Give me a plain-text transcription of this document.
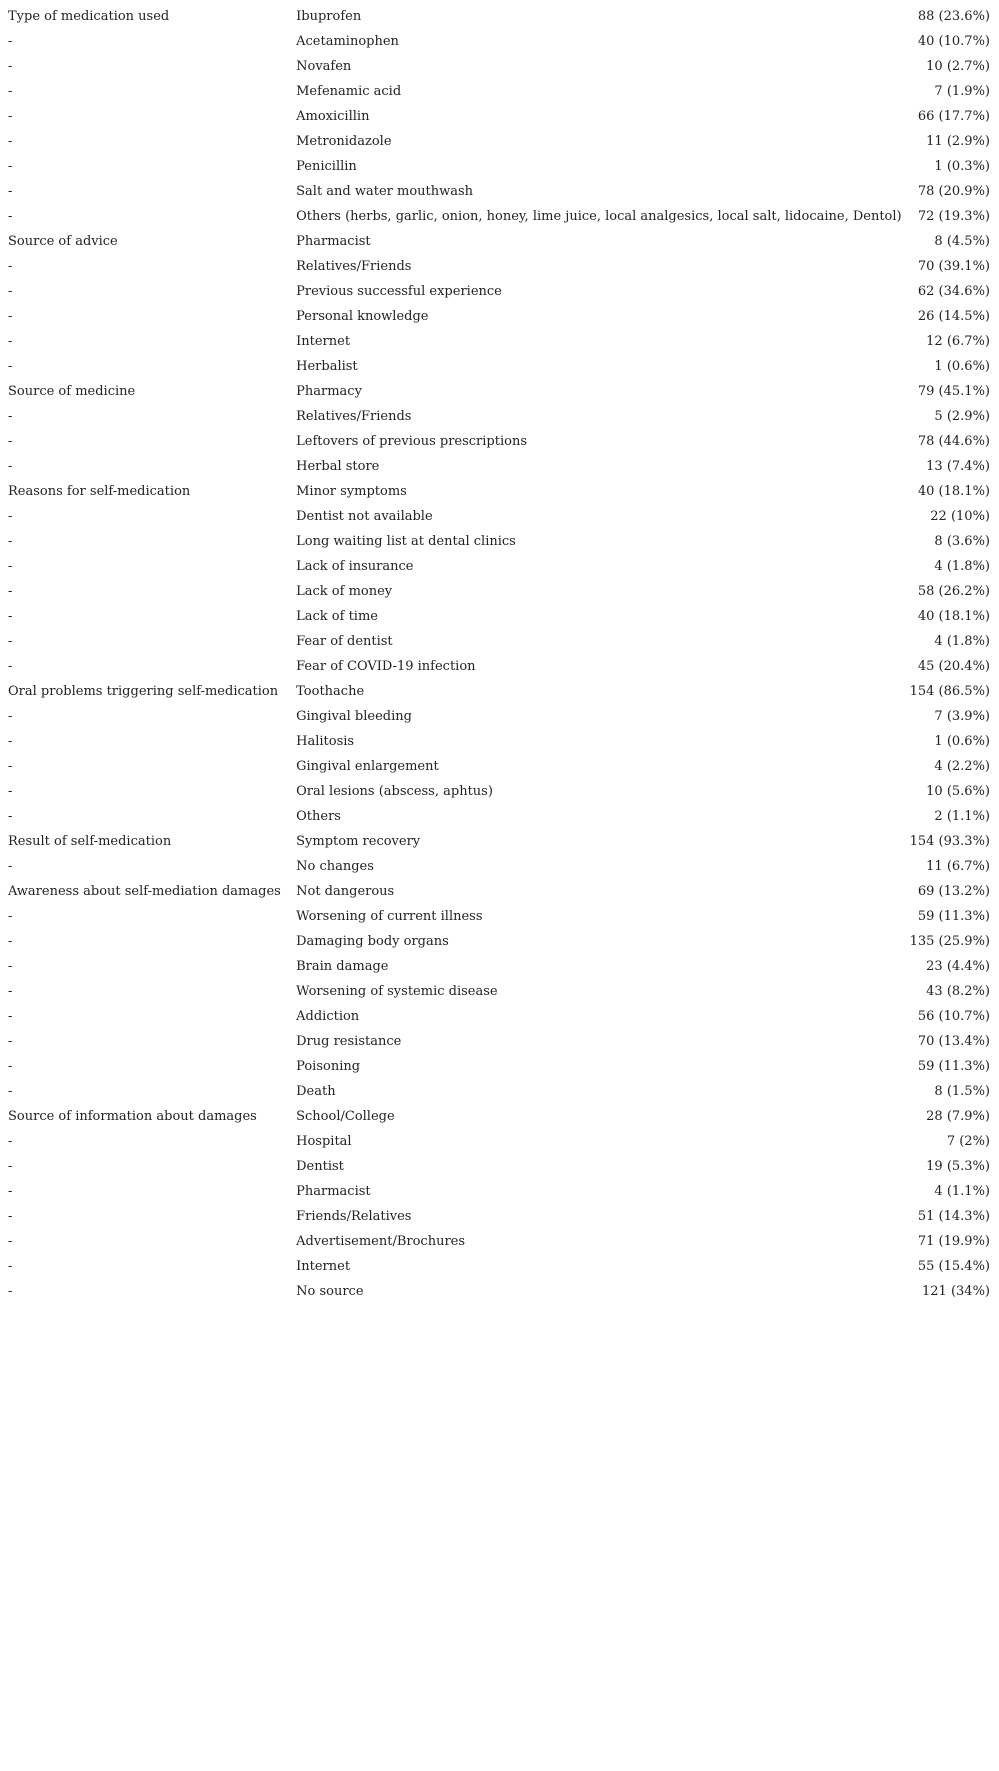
Type of medication used	Ibuprofen	88 (23.6%)
-	Acetaminophen	40 (10.7%)
-	Novafen	10 (2.7%)
-	Mefenamic acid	7 (1.9%)
-	Amoxicillin	66 (17.7%)
-	Metronidazole	11 (2.9%)
-	Penicillin	1 (0.3%)
-	Salt and water mouthwash	78 (20.9%)
-	Others (herbs, garlic, onion, honey, lime juice, local analgesics, local salt, lidocaine, Dentol)	72 (19.3%)
Source of advice	Pharmacist	8 (4.5%)
-	Relatives/Friends	70 (39.1%)
-	Previous successful experience	62 (34.6%)
-	Personal knowledge	26 (14.5%)
-	Internet	12 (6.7%)
-	Herbalist	1 (0.6%)
Source of medicine	Pharmacy	79 (45.1%)
-	Relatives/Friends	5 (2.9%)
-	Leftovers of previous prescriptions	78 (44.6%)
-	Herbal store	13 (7.4%)
Reasons for self-medication	Minor symptoms	40 (18.1%)
-	Dentist not available	22 (10%)
-	Long waiting list at dental clinics	8 (3.6%)
-	Lack of insurance	4 (1.8%)
-	Lack of money	58 (26.2%)
-	Lack of time	40 (18.1%)
-	Fear of dentist	4 (1.8%)
-	Fear of COVID-19 infection	45 (20.4%)
Oral problems triggering self-medication	Toothache	154 (86.5%)
-	Gingival bleeding	7 (3.9%)
-	Halitosis	1 (0.6%)
-	Gingival enlargement	4 (2.2%)
-	Oral lesions (abscess, aphtus)	10 (5.6%)
-	Others	2 (1.1%)
Result of self-medication	Symptom recovery	154 (93.3%)
-	No changes	11 (6.7%)
Awareness about self-mediation damages	Not dangerous	69 (13.2%)
-	Worsening of current illness	59 (11.3%)
-	Damaging body organs	135 (25.9%)
-	Brain damage	23 (4.4%)
-	Worsening of systemic disease	43 (8.2%)
-	Addiction	56 (10.7%)
-	Drug resistance	70 (13.4%)
-	Poisoning	59 (11.3%)
-	Death	8 (1.5%)
Source of information about damages	School/College	28 (7.9%)
-	Hospital	7 (2%)
-	Dentist	19 (5.3%)
-	Pharmacist	4 (1.1%)
-	Friends/Relatives	51 (14.3%)
-	Advertisement/Brochures	71 (19.9%)
-	Internet	55 (15.4%)
-	No source	121 (34%)
